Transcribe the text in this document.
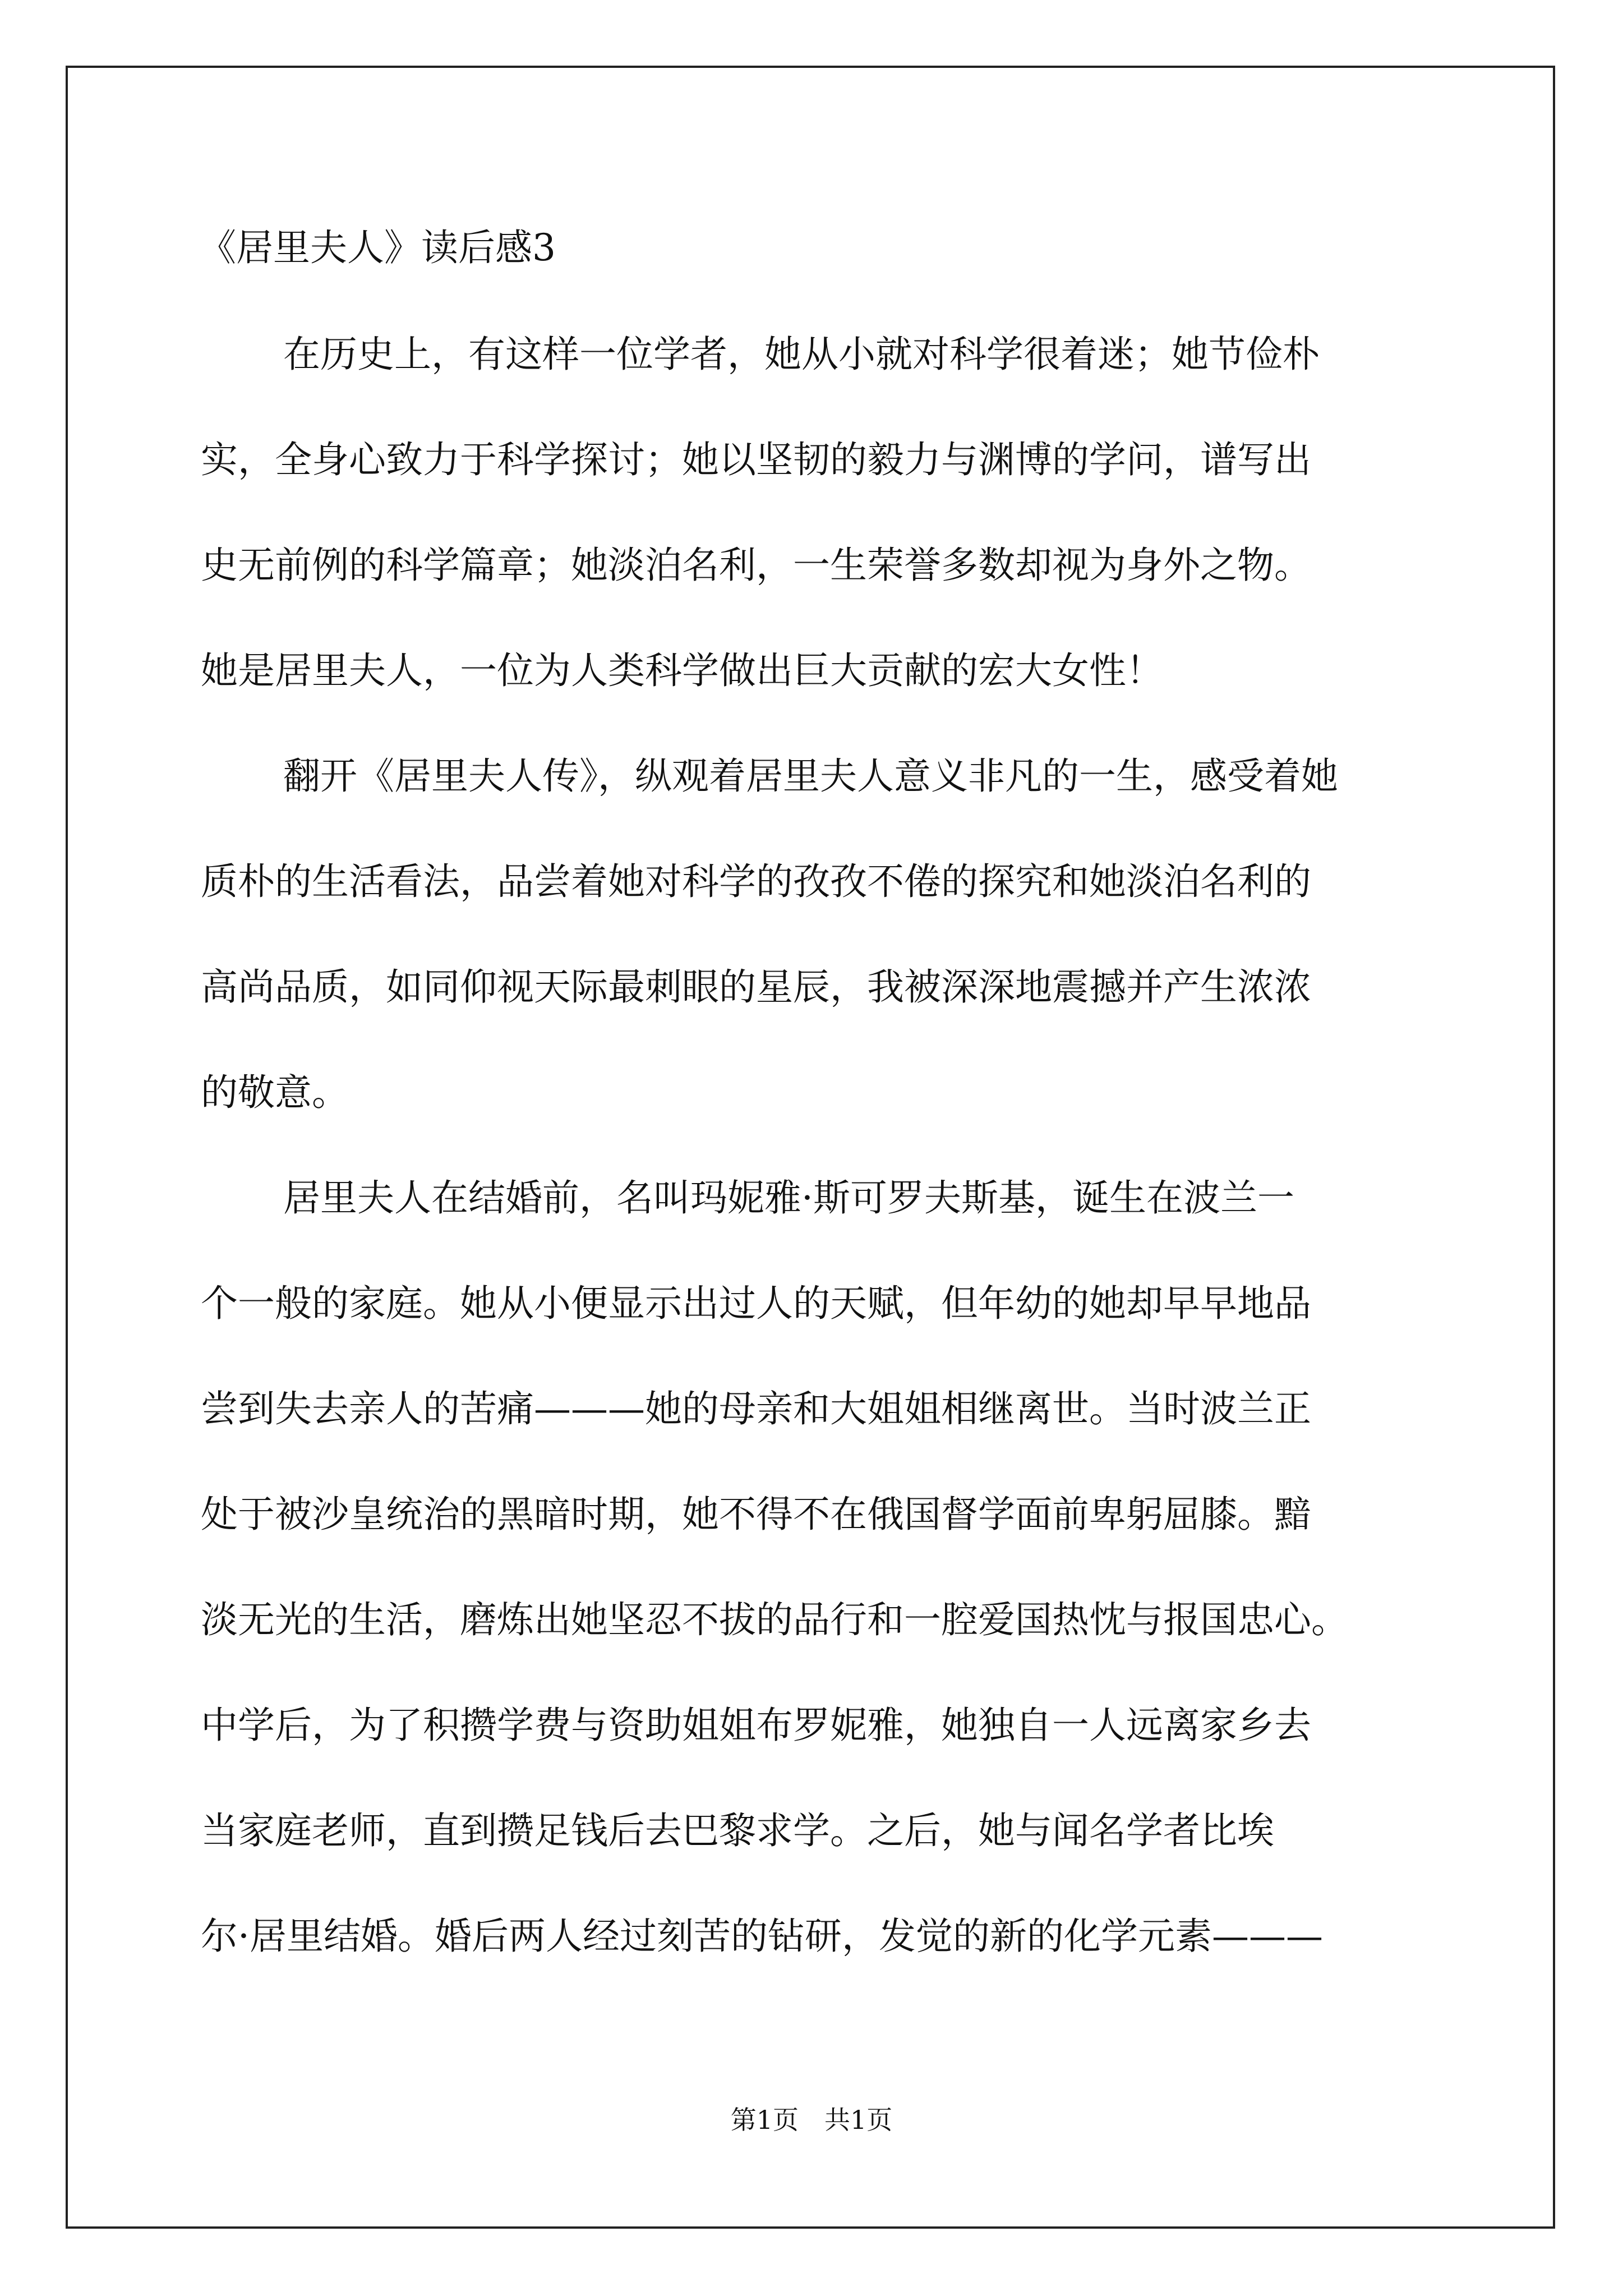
《居里夫人》读后感3

在历史上，有这样一位学者，她从小就对科学很着迷；她节俭朴

实，全身心致力于科学探讨；她以坚韧的毅力与渊博的学问，谱写出

史无前例的科学篇章；她淡泊名利，一生荣誉多数却视为身外之物。

她是居里夫人，一位为人类科学做出巨大贡献的宏大女性！

翻开《居里夫人传》，纵观着居里夫人意义非凡的一生，感受着她

质朴的生活看法，品尝着她对科学的孜孜不倦的探究和她淡泊名利的

高尚品质，如同仰视天际最刺眼的星辰，我被深深地震撼并产生浓浓

的敬意。

居里夫人在结婚前，名叫玛妮雅·斯可罗夫斯基，诞生在波兰一

个一般的家庭。她从小便显示出过人的天赋，但年幼的她却早早地品

尝到失去亲人的苦痛———她的母亲和大姐姐相继离世。当时波兰正

处于被沙皇统治的黑暗时期，她不得不在俄国督学面前卑躬屈膝。黯

淡无光的生活，磨炼出她坚忍不拔的品行和一腔爱国热忱与报国忠心。

中学后，为了积攒学费与资助姐姐布罗妮雅，她独自一人远离家乡去

当家庭老师，直到攒足钱后去巴黎求学。之后，她与闻名学者比埃

尔·居里结婚。婚后两人经过刻苦的钻研，发觉的新的化学元素———

第1页 共1页
